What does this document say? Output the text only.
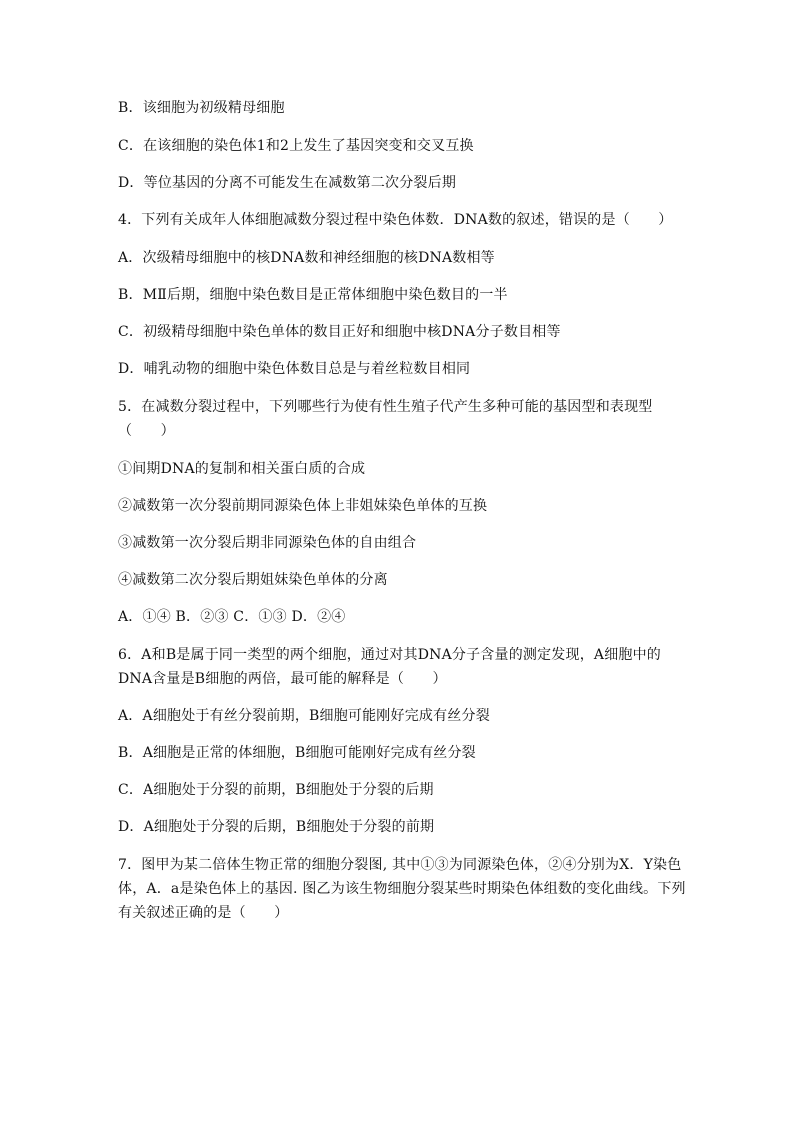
B．该细胞为初级精母细胞
C．在该细胞的染色体1和2上发生了基因突变和交叉互换
D．等位基因的分离不可能发生在减数第二次分裂后期
4．下列有关成年人体细胞减数分裂过程中染色体数．DNA数的叙述，错误的是（　　）
A．次级精母细胞中的核DNA数和神经细胞的核DNA数相等
B．MⅡ后期，细胞中染色数目是正常体细胞中染色数目的一半
C．初级精母细胞中染色单体的数目正好和细胞中核DNA分子数目相等
D．哺乳动物的细胞中染色体数目总是与着丝粒数目相同
5．在减数分裂过程中，下列哪些行为使有性生殖子代产生多种可能的基因型和表现型（　　）
①间期DNA的复制和相关蛋白质的合成
②减数第一次分裂前期同源染色体上非姐妹染色单体的互换
③减数第一次分裂后期非同源染色体的自由组合
④减数第二次分裂后期姐妹染色单体的分离
A．①④ B．②③ C．①③ D．②④
6．A和B是属于同一类型的两个细胞，通过对其DNA分子含量的测定发现，A细胞中的DNA含量是B细胞的两倍，最可能的解释是（　　）
A．A细胞处于有丝分裂前期，B细胞可能刚好完成有丝分裂
B．A细胞是正常的体细胞，B细胞可能刚好完成有丝分裂
C．A细胞处于分裂的前期，B细胞处于分裂的后期
D．A细胞处于分裂的后期，B细胞处于分裂的前期
7．图甲为某二倍体生物正常的细胞分裂图, 其中①③为同源染色体，②④分别为X．Y染色体，A．a是染色体上的基因. 图乙为该生物细胞分裂某些时期染色体组数的变化曲线。下列有关叙述正确的是（　　）
